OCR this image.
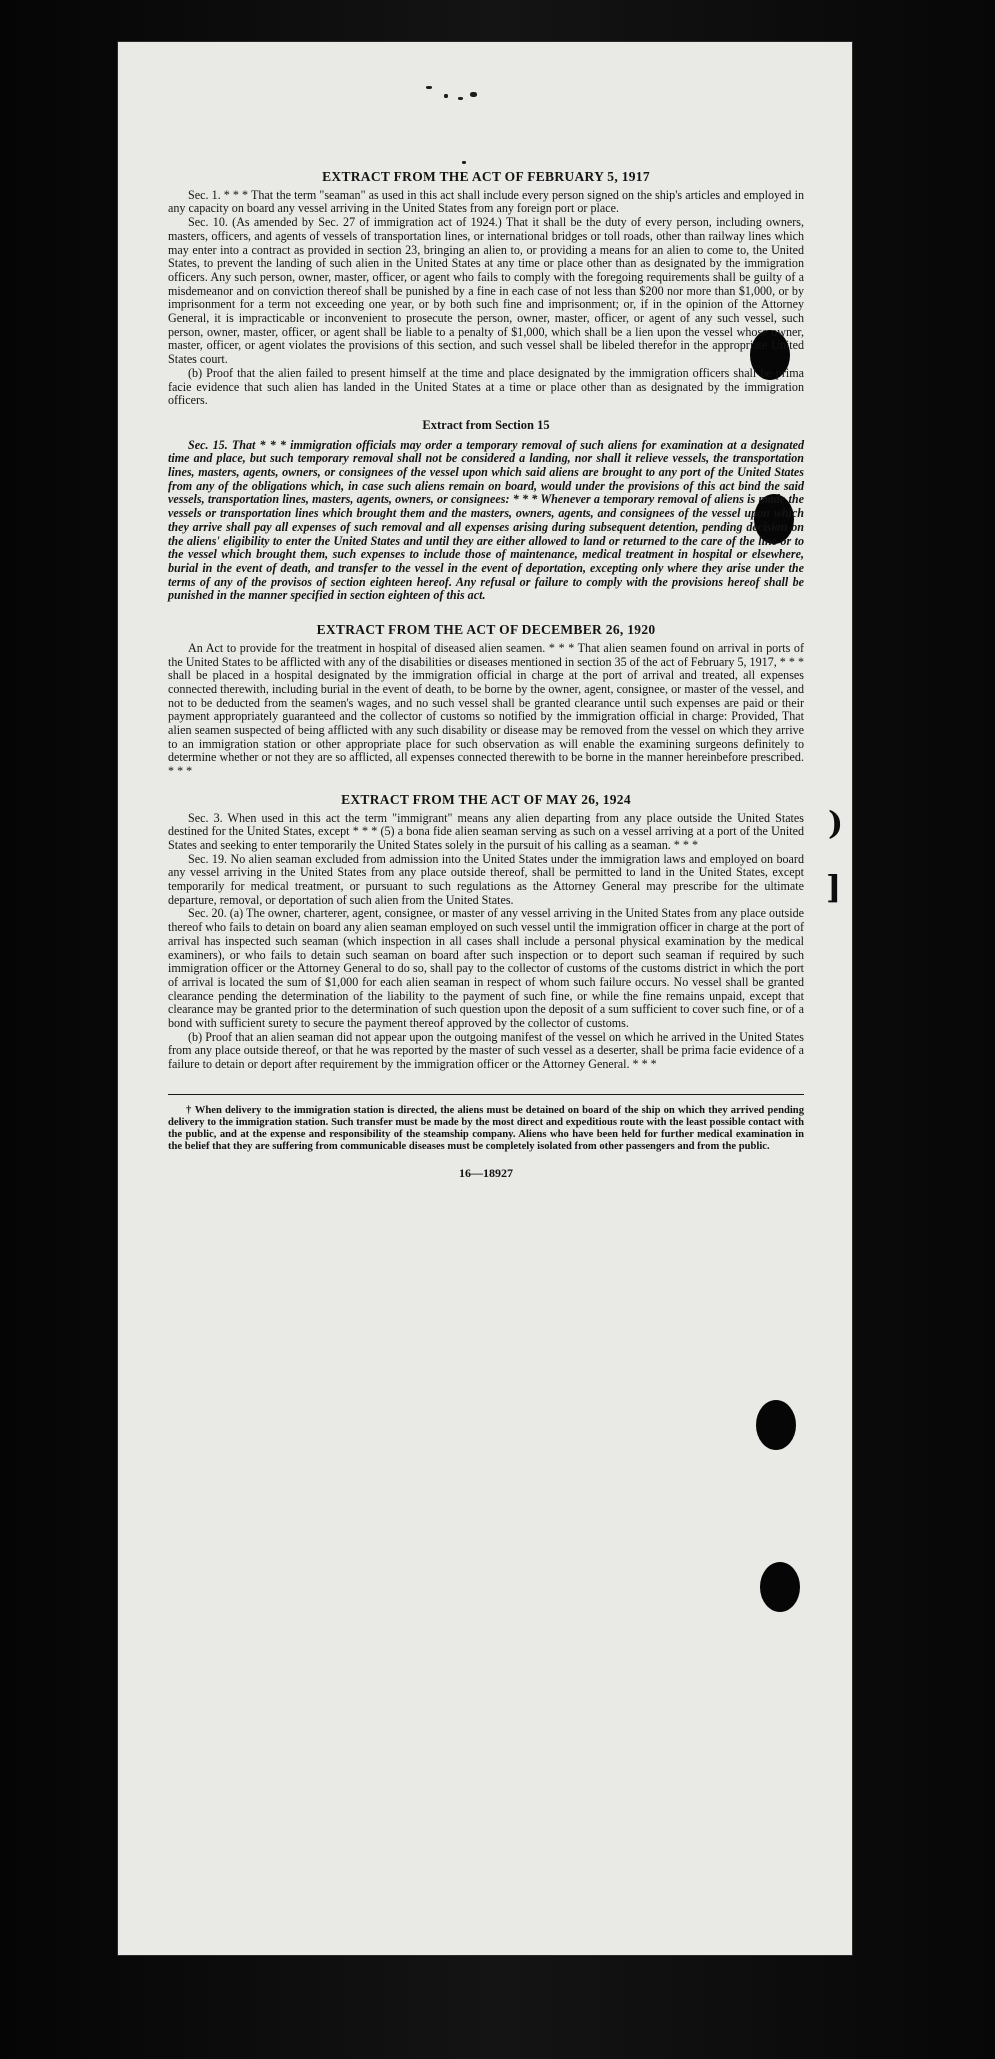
)
]
EXTRACT FROM THE ACT OF FEBRUARY 5, 1917

Sec. 1. * * * That the term "seaman" as used in this act shall include every person signed on the ship's articles and employed in any capacity on board any vessel arriving in the United States from any foreign port or place.

Sec. 10. (As amended by Sec. 27 of immigration act of 1924.) That it shall be the duty of every person, including owners, masters, officers, and agents of vessels of transportation lines, or international bridges or toll roads, other than railway lines which may enter into a contract as provided in section 23, bringing an alien to, or providing a means for an alien to come to, the United States, to prevent the landing of such alien in the United States at any time or place other than as designated by the immigration officers. Any such person, owner, master, officer, or agent who fails to comply with the foregoing requirements shall be guilty of a misdemeanor and on conviction thereof shall be punished by a fine in each case of not less than $200 nor more than $1,000, or by imprisonment for a term not exceeding one year, or by both such fine and imprisonment; or, if in the opinion of the Attorney General, it is impracticable or inconvenient to prosecute the person, owner, master, officer, or agent of any such vessel, such person, owner, master, officer, or agent shall be liable to a penalty of $1,000, which shall be a lien upon the vessel whose owner, master, officer, or agent violates the provisions of this section, and such vessel shall be libeled therefor in the appropriate United States court.

(b) Proof that the alien failed to present himself at the time and place designated by the immigration officers shall be prima facie evidence that such alien has landed in the United States at a time or place other than as designated by the immigration officers.

Extract from Section 15

Sec. 15. That * * * immigration officials may order a temporary removal of such aliens for examination at a designated time and place, but such temporary removal shall not be considered a landing, nor shall it relieve vessels, the transportation lines, masters, agents, owners, or consignees of the vessel upon which said aliens are brought to any port of the United States from any of the obligations which, in case such aliens remain on board, would under the provisions of this act bind the said vessels, transportation lines, masters, agents, owners, or consignees: * * * Whenever a temporary removal of aliens is made the vessels or transportation lines which brought them and the masters, owners, agents, and consignees of the vessel upon which they arrive shall pay all expenses of such removal and all expenses arising during subsequent detention, pending decision on the aliens' eligibility to enter the United States and until they are either allowed to land or returned to the care of the line or to the vessel which brought them, such expenses to include those of maintenance, medical treatment in hospital or elsewhere, burial in the event of death, and transfer to the vessel in the event of deportation, excepting only where they arise under the terms of any of the provisos of section eighteen hereof. Any refusal or failure to comply with the provisions hereof shall be punished in the manner specified in section eighteen of this act.

EXTRACT FROM THE ACT OF DECEMBER 26, 1920

An Act to provide for the treatment in hospital of diseased alien seamen. * * * That alien seamen found on arrival in ports of the United States to be afflicted with any of the disabilities or diseases mentioned in section 35 of the act of February 5, 1917, * * * shall be placed in a hospital designated by the immigration official in charge at the port of arrival and treated, all expenses connected therewith, including burial in the event of death, to be borne by the owner, agent, consignee, or master of the vessel, and not to be deducted from the seamen's wages, and no such vessel shall be granted clearance until such expenses are paid or their payment appropriately guaranteed and the collector of customs so notified by the immigration official in charge: Provided, That alien seamen suspected of being afflicted with any such disability or disease may be removed from the vessel on which they arrive to an immigration station or other appropriate place for such observation as will enable the examining surgeons definitely to determine whether or not they are so afflicted, all expenses connected therewith to be borne in the manner hereinbefore prescribed. * * *

EXTRACT FROM THE ACT OF MAY 26, 1924

Sec. 3. When used in this act the term "immigrant" means any alien departing from any place outside the United States destined for the United States, except * * * (5) a bona fide alien seaman serving as such on a vessel arriving at a port of the United States and seeking to enter temporarily the United States solely in the pursuit of his calling as a seaman. * * *

Sec. 19. No alien seaman excluded from admission into the United States under the immigration laws and employed on board any vessel arriving in the United States from any place outside thereof, shall be permitted to land in the United States, except temporarily for medical treatment, or pursuant to such regulations as the Attorney General may prescribe for the ultimate departure, removal, or deportation of such alien from the United States.

Sec. 20. (a) The owner, charterer, agent, consignee, or master of any vessel arriving in the United States from any place outside thereof who fails to detain on board any alien seaman employed on such vessel until the immigration officer in charge at the port of arrival has inspected such seaman (which inspection in all cases shall include a personal physical examination by the medical examiners), or who fails to detain such seaman on board after such inspection or to deport such seaman if required by such immigration officer or the Attorney General to do so, shall pay to the collector of customs of the customs district in which the port of arrival is located the sum of $1,000 for each alien seaman in respect of whom such failure occurs. No vessel shall be granted clearance pending the determination of the liability to the payment of such fine, or while the fine remains unpaid, except that clearance may be granted prior to the determination of such question upon the deposit of a sum sufficient to cover such fine, or of a bond with sufficient surety to secure the payment thereof approved by the collector of customs.

(b) Proof that an alien seaman did not appear upon the outgoing manifest of the vessel on which he arrived in the United States from any place outside thereof, or that he was reported by the master of such vessel as a deserter, shall be prima facie evidence of a failure to detain or deport after requirement by the immigration officer or the Attorney General. * * *

† When delivery to the immigration station is directed, the aliens must be detained on board of the ship on which they arrived pending delivery to the immigration station. Such transfer must be made by the most direct and expeditious route with the least possible contact with the public, and at the expense and responsibility of the steamship company. Aliens who have been held for further medical examination in the belief that they are suffering from communicable diseases must be completely isolated from other passengers and from the public.

16—18927
